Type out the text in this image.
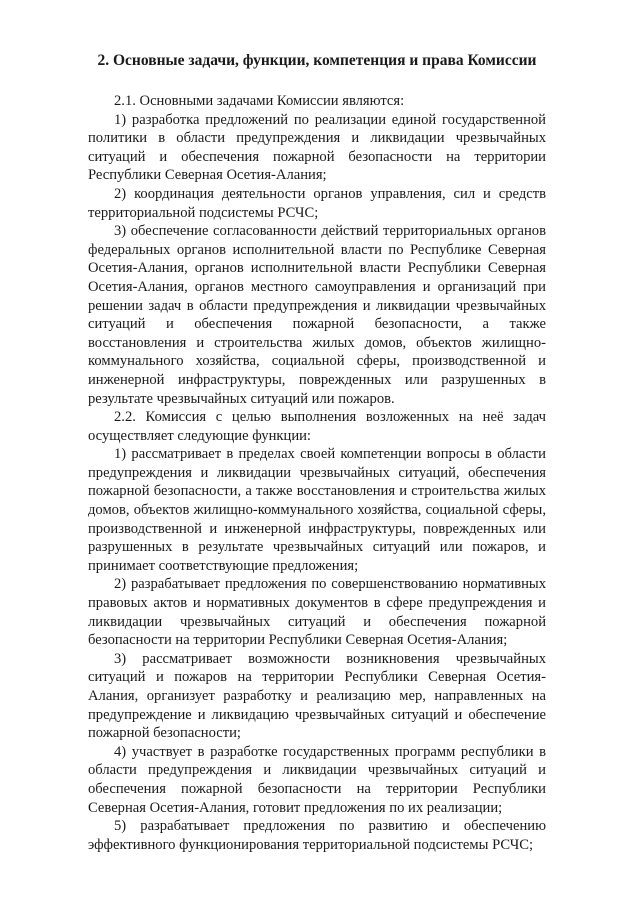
2. Основные задачи, функции, компетенция и права Комиссии

2.1. Основными задачами Комиссии являются:

1) разработка предложений по реализации единой государственной политики в области предупреждения и ликвидации чрезвычайных ситуаций и обеспечения пожарной безопасности на территории Республики Северная Осетия-Алания;

2) координация деятельности органов управления, сил и средств территориальной подсистемы РСЧС;

3) обеспечение согласованности действий территориальных органов федеральных органов исполнительной власти по Республике Северная Осетия-Алания, органов исполнительной власти Республики Северная Осетия-Алания, органов местного самоуправления и организаций при решении задач в области предупреждения и ликвидации чрезвычайных ситуаций и обеспечения пожарной безопасности, а также восстановления и строительства жилых домов, объектов жилищно-коммунального хозяйства, социальной сферы, производственной и инженерной инфраструктуры, поврежденных или разрушенных в результате чрезвычайных ситуаций или пожаров.

2.2. Комиссия с целью выполнения возложенных на неё задач осуществляет следующие функции:

1) рассматривает в пределах своей компетенции вопросы в области предупреждения и ликвидации чрезвычайных ситуаций, обеспечения пожарной безопасности, а также восстановления и строительства жилых домов, объектов жилищно-коммунального хозяйства, социальной сферы, производственной и инженерной инфраструктуры, поврежденных или разрушенных в результате чрезвычайных ситуаций или пожаров, и принимает соответствующие предложения;

2) разрабатывает предложения по совершенствованию нормативных правовых актов и нормативных документов в сфере предупреждения и ликвидации чрезвычайных ситуаций и обеспечения пожарной безопасности на территории Республики Северная Осетия-Алания;

3) рассматривает возможности возникновения чрезвычайных ситуаций и пожаров на территории Республики Северная Осетия-Алания, организует разработку и реализацию мер, направленных на предупреждение и ликвидацию чрезвычайных ситуаций и обеспечение пожарной безопасности;

4) участвует в разработке государственных программ республики в области предупреждения и ликвидации чрезвычайных ситуаций и обеспечения пожарной безопасности на территории Республики Северная Осетия-Алания, готовит предложения по их реализации;

5) разрабатывает предложения по развитию и обеспечению эффективного функционирования территориальной подсистемы РСЧС;
